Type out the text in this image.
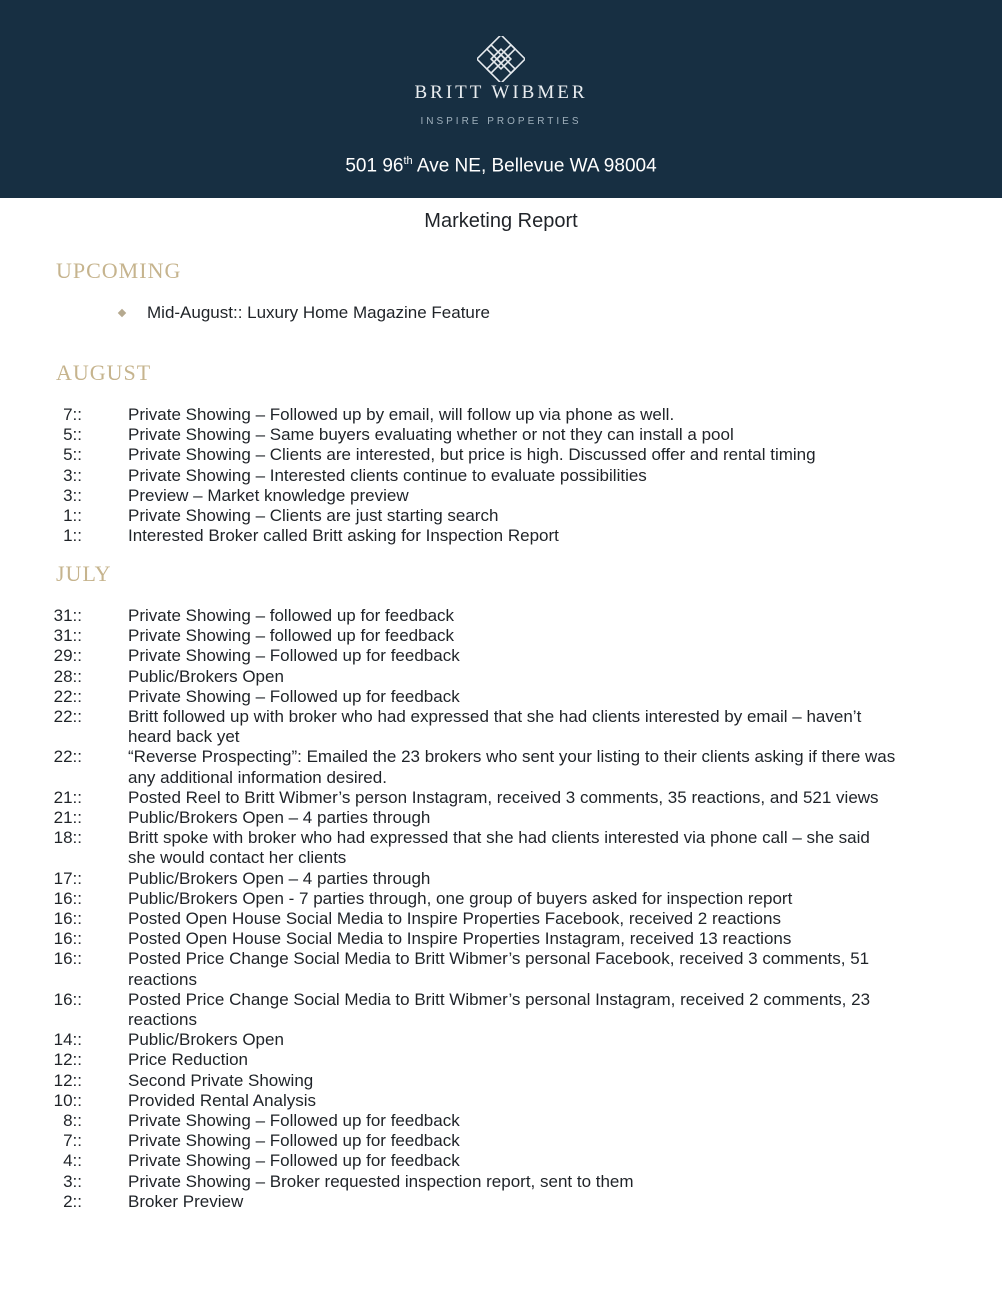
BRITT WIBMER
INSPIRE PROPERTIES
501 96th Ave NE, Bellevue WA 98004
Marketing Report
UPCOMING
Mid-August:: Luxury Home Magazine Feature
AUGUST
7::	Private Showing – Followed up by email, will follow up via phone as well.
5::	Private Showing – Same buyers evaluating whether or not they can install a pool
5::	Private Showing – Clients are interested, but price is high. Discussed offer and rental timing
3::	Private Showing – Interested clients continue to evaluate possibilities
3::	Preview – Market knowledge preview
1::	Private Showing – Clients are just starting search
1::	Interested Broker called Britt asking for Inspection Report
JULY
31::	Private Showing – followed up for feedback
31::	Private Showing – followed up for feedback
29::	Private Showing – Followed up for feedback
28::	Public/Brokers Open
22::	Private Showing – Followed up for feedback
22::	Britt followed up with broker who had expressed that she had clients interested by email – haven’t heard back yet
22::	“Reverse Prospecting”: Emailed the 23 brokers who sent your listing to their clients asking if there was any additional information desired.
21::	Posted Reel to Britt Wibmer’s person Instagram, received 3 comments, 35 reactions, and 521 views
21::	Public/Brokers Open – 4 parties through
18::	Britt spoke with broker who had expressed that she had clients interested via phone call – she said she would contact her clients
17::	Public/Brokers Open – 4 parties through
16::	Public/Brokers Open - 7 parties through, one group of buyers asked for inspection report
16::	Posted Open House Social Media to Inspire Properties Facebook, received 2 reactions
16::	Posted Open House Social Media to Inspire Properties Instagram, received 13 reactions
16::	Posted Price Change Social Media to Britt Wibmer’s personal Facebook, received 3 comments, 51 reactions
16::	Posted Price Change Social Media to Britt Wibmer’s personal Instagram, received 2 comments, 23 reactions
14::	Public/Brokers Open
12::	Price Reduction
12::	Second Private Showing
10::	Provided Rental Analysis
8::	Private Showing – Followed up for feedback
7::	Private Showing – Followed up for feedback
4::	Private Showing – Followed up for feedback
3::	Private Showing – Broker requested inspection report, sent to them
2::	Broker Preview
